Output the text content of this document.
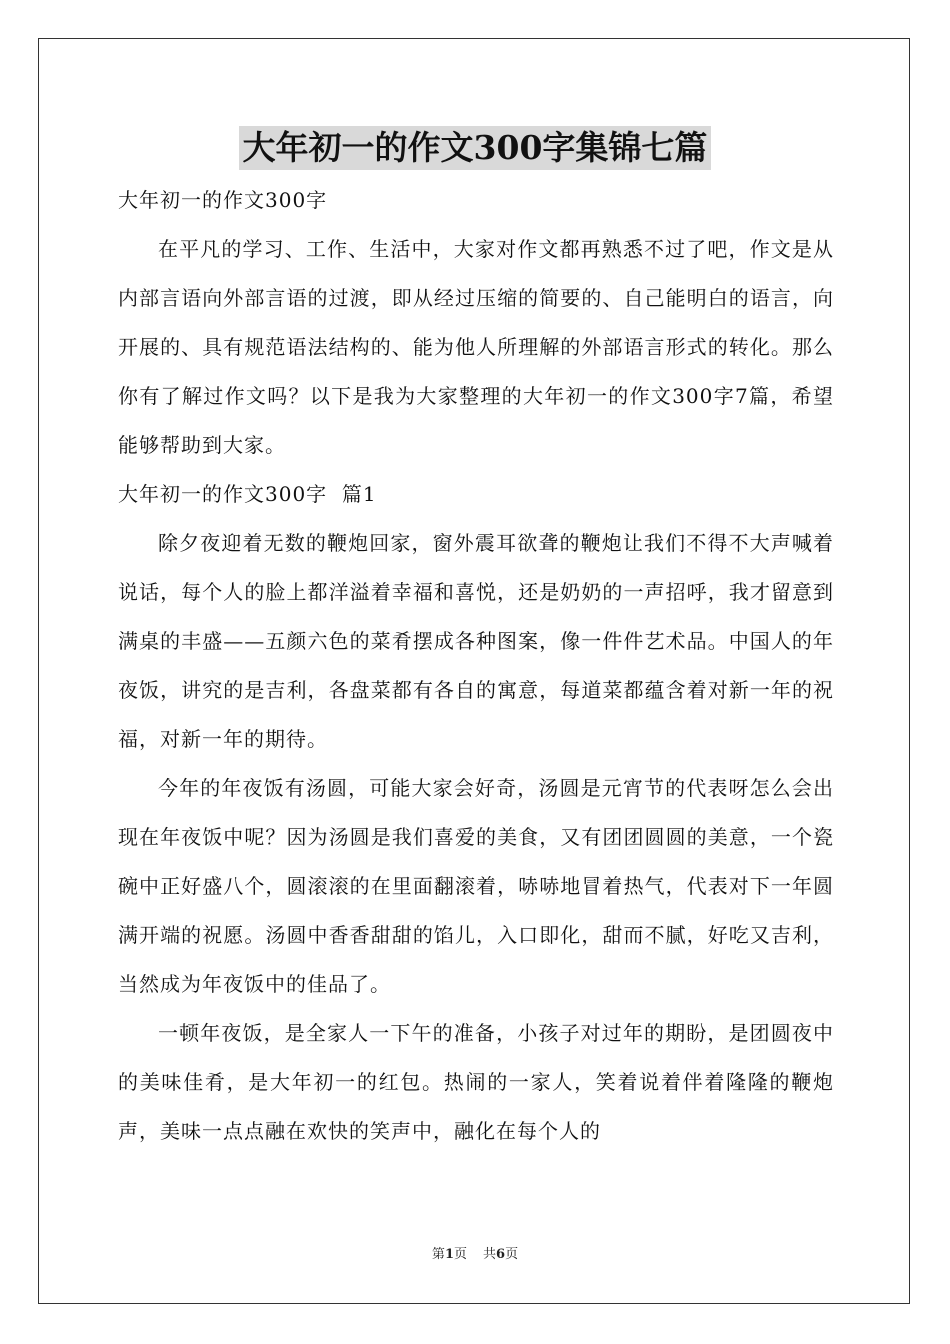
大年初一的作文300字集锦七篇
大年初一的作文300字

在平凡的学习、工作、生活中，大家对作文都再熟悉不过了吧，作文是从内部言语向外部言语的过渡，即从经过压缩的简要的、自己能明白的语言，向开展的、具有规范语法结构的、能为他人所理解的外部语言形式的转化。那么你有了解过作文吗？以下是我为大家整理的大年初一的作文300字7篇，希望能够帮助到大家。

大年初一的作文300字  篇1

除夕夜迎着无数的鞭炮回家，窗外震耳欲聋的鞭炮让我们不得不大声喊着说话，每个人的脸上都洋溢着幸福和喜悦，还是奶奶的一声招呼，我才留意到满桌的丰盛——五颜六色的菜肴摆成各种图案，像一件件艺术品。中国人的年夜饭，讲究的是吉利，各盘菜都有各自的寓意，每道菜都蕴含着对新一年的祝福，对新一年的期待。

今年的年夜饭有汤圆，可能大家会好奇，汤圆是元宵节的代表呀怎么会出现在年夜饭中呢？因为汤圆是我们喜爱的美食，又有团团圆圆的美意，一个瓷碗中正好盛八个，圆滚滚的在里面翻滚着，哧哧地冒着热气，代表对下一年圆满开端的祝愿。汤圆中香香甜甜的馅儿，入口即化，甜而不腻，好吃又吉利，当然成为年夜饭中的佳品了。

一顿年夜饭，是全家人一下午的准备，小孩子对过年的期盼，是团圆夜中的美味佳肴，是大年初一的红包。热闹的一家人，笑着说着伴着隆隆的鞭炮声，美味一点点融在欢快的笑声中，融化在每个人的

第1页 共6页
